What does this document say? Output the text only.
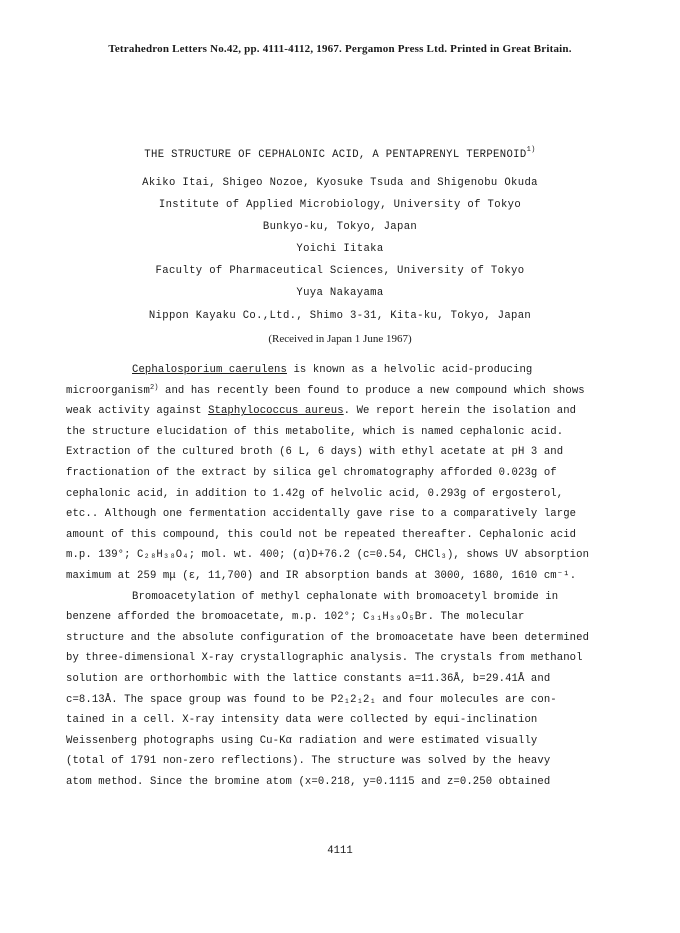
Tetrahedron Letters No.42, pp. 4111-4112, 1967. Pergamon Press Ltd. Printed in Great Britain.
THE STRUCTURE OF CEPHALONIC ACID, A PENTAPRENYL TERPENOID$^{1)}$
Akiko Itai, Shigeo Nozoe, Kyosuke Tsuda and Shigenobu Okuda
Institute of Applied Microbiology, University of Tokyo
Bunkyo-ku, Tokyo, Japan
Yoichi Iitaka
Faculty of Pharmaceutical Sciences, University of Tokyo
Yuya Nakayama
Nippon Kayaku Co.,Ltd., Shimo 3-31, Kita-ku, Tokyo, Japan
(Received in Japan 1 June 1967)
Cephalosporium caerulens is known as a helvolic acid-producing
microorganism$^{2)}$ and has recently been found to produce a new compound which shows
weak activity against Staphylococcus aureus. We report herein the isolation and
the structure elucidation of this metabolite, which is named cephalonic acid.
Extraction of the cultured broth (6 L, 6 days) with ethyl acetate at pH 3 and
fractionation of the extract by silica gel chromatography afforded 0.023g of
cephalonic acid, in addition to 1.42g of helvolic acid, 0.293g of ergosterol,
etc.. Although one fermentation accidentally gave rise to a comparatively large
amount of this compound, this could not be repeated thereafter. Cephalonic acid
m.p. 139°; C₂₈H₃₈O₄; mol. wt. 400; (α)D+76.2 (c=0.54, CHCl₃), shows UV absorption
maximum at 259 mμ (ε, 11,700) and IR absorption bands at 3000, 1680, 1610 cm⁻¹.
Bromoacetylation of methyl cephalonate with bromoacetyl bromide in
benzene afforded the bromoacetate, m.p. 102°; C₃₁H₃₉O₅Br. The molecular
structure and the absolute configuration of the bromoacetate have been determined
by three-dimensional X-ray crystallographic analysis. The crystals from methanol
solution are orthorhombic with the lattice constants a=11.36Å, b=29.41Å and
c=8.13Å. The space group was found to be P2₁2₁2₁ and four molecules are con-
tained in a cell. X-ray intensity data were collected by equi-inclination
Weissenberg photographs using Cu-Kα radiation and were estimated visually
(total of 1791 non-zero reflections). The structure was solved by the heavy
atom method. Since the bromine atom (x=0.218, y=0.1115 and z=0.250 obtained
4111
